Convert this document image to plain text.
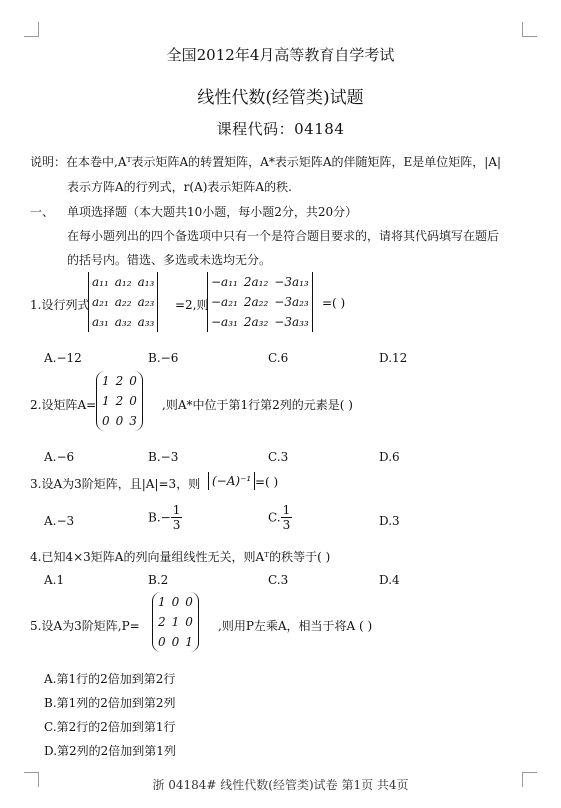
全国2012年4月高等教育自学考试
线性代数(经管类)试题
课程代码：04184
说明：在本卷中,Aᵀ表示矩阵A的转置矩阵，A*表示矩阵A的伴随矩阵，E是单位矩阵，|A|
表示方阵A的行列式，r(A)表示矩阵A的秩.
一、 单项选择题（本大题共10小题，每小题2分，共20分）
在每小题列出的四个备选项中只有一个是符合题目要求的，请将其代码填写在题后
的括号内。错选、多选或未选均无分。
1.设行列式
a₁₁	a₁₂	a₁₃
a₂₁	a₂₂	a₂₃
a₃₁	a₃₂	a₃₃
=2,则
−a₁₁	2a₁₂	−3a₁₃
−a₂₁	2a₂₂	−3a₂₃
−a₃₁	2a₃₂	−3a₃₃
=( )
A.−12	B.−6	C.6	D.12
2.设矩阵A=
1	2	0
1	2	0
0	0	3
,则A*中位于第1行第2列的元素是( )
A.−6	B.−3	C.3	D.6
3.设A为3阶矩阵，且|A|=3，则 (−A)⁻¹ =( )
A.−3	$B.- \frac{1}{3}$	C. $\frac{1}{3}$	D.3
4.已知4×3矩阵A的列向量组线性无关，则Aᵀ的秩等于( )
A.1	B.2	C.3	D.4
5.设A为3阶矩阵,P=
1	0	0
2	1	0
0	0	1
,则用P左乘A，相当于将A ( )
A.第1行的2倍加到第2行
B.第1列的2倍加到第2列
C.第2行的2倍加到第1行
D.第2列的2倍加到第1列
浙 04184# 线性代数(经管类)试卷 第1页 共4页
